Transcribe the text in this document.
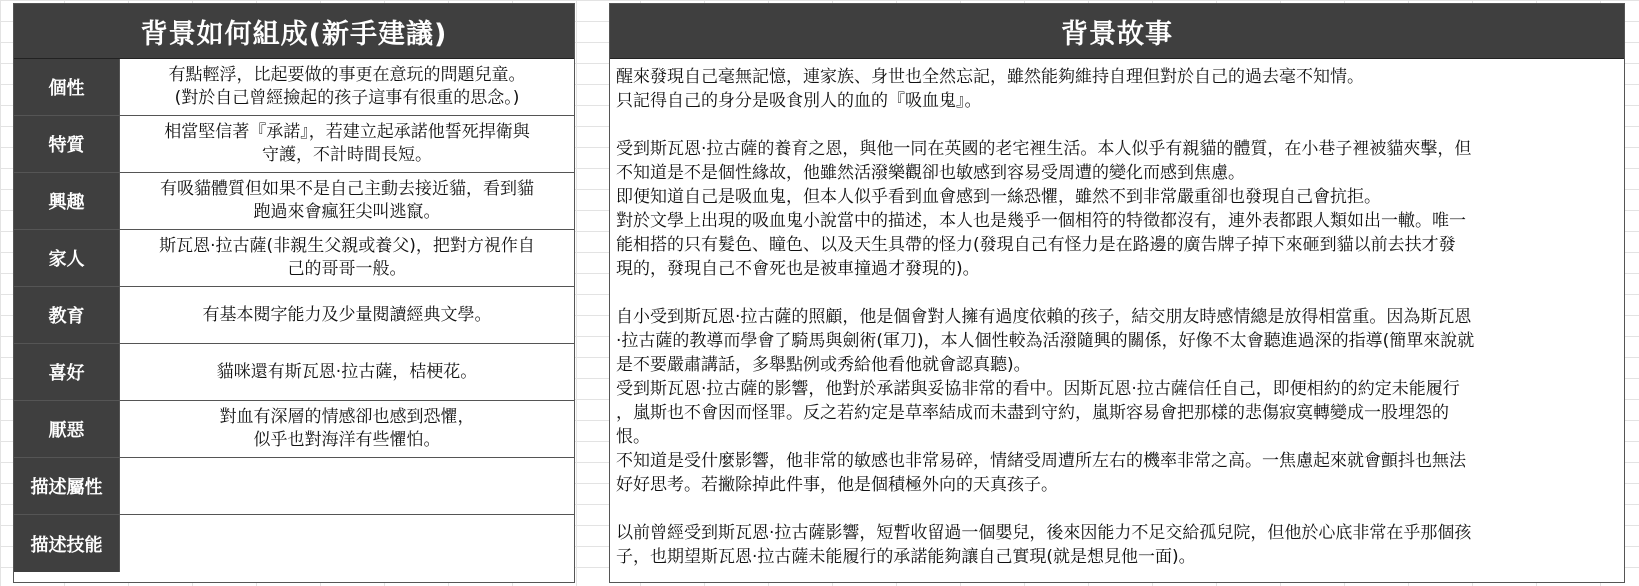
背景如何組成(新手建議)
個性
有點輕浮，比起要做的事更在意玩的問題兒童。
(對於自己曾經撿起的孩子這事有很重的思念。)
特質
相當堅信著『承諾』，若建立起承諾他誓死捍衛與
守護，不計時間長短。
興趣
有吸貓體質但如果不是自己主動去接近貓，看到貓
跑過來會瘋狂尖叫逃竄。
家人
斯瓦恩·拉古薩(非親生父親或養父)，把對方視作自
己的哥哥一般。
教育	有基本閱字能力及少量閱讀經典文學。
喜好	貓咪還有斯瓦恩·拉古薩，桔梗花。
厭惡
對血有深層的情感卻也感到恐懼，
似乎也對海洋有些懼怕。
描述屬性
描述技能
背景故事
醒來發現自己毫無記憶，連家族、身世也全然忘記，雖然能夠維持自理但對於自己的過去毫不知情。
只記得自己的身分是吸食別人的血的『吸血鬼』。

受到斯瓦恩·拉古薩的養育之恩，與他一同在英國的老宅裡生活。本人似乎有親貓的體質，在小巷子裡被貓夾擊，但
不知道是不是個性緣故，他雖然活潑樂觀卻也敏感到容易受周遭的變化而感到焦慮。
即便知道自己是吸血鬼，但本人似乎看到血會感到一絲恐懼，雖然不到非常嚴重卻也發現自己會抗拒。
對於文學上出現的吸血鬼小說當中的描述，本人也是幾乎一個相符的特徵都沒有，連外表都跟人類如出一轍。唯一
能相搭的只有髮色、瞳色、以及天生具帶的怪力(發現自己有怪力是在路邊的廣告牌子掉下來砸到貓以前去扶才發
現的，發現自己不會死也是被車撞過才發現的)。

自小受到斯瓦恩·拉古薩的照顧，他是個會對人擁有過度依賴的孩子，結交朋友時感情總是放得相當重。因為斯瓦恩
·拉古薩的教導而學會了騎馬與劍術(軍刀)，本人個性較為活潑隨興的關係，好像不太會聽進過深的指導(簡單來說就
是不要嚴肅講話，多舉點例或秀給他看他就會認真聽)。
受到斯瓦恩·拉古薩的影響，他對於承諾與妥協非常的看中。因斯瓦恩·拉古薩信任自己，即便相約的約定未能履行
，嵐斯也不會因而怪罪。反之若約定是草率結成而未盡到守約，嵐斯容易會把那樣的悲傷寂寞轉變成一股埋怨的
恨。
不知道是受什麼影響，他非常的敏感也非常易碎，情緒受周遭所左右的機率非常之高。一焦慮起來就會顫抖也無法
好好思考。若撇除掉此件事，他是個積極外向的天真孩子。

以前曾經受到斯瓦恩·拉古薩影響，短暫收留過一個嬰兒，後來因能力不足交給孤兒院，但他於心底非常在乎那個孩
子，也期望斯瓦恩·拉古薩未能履行的承諾能夠讓自己實現(就是想見他一面)。
